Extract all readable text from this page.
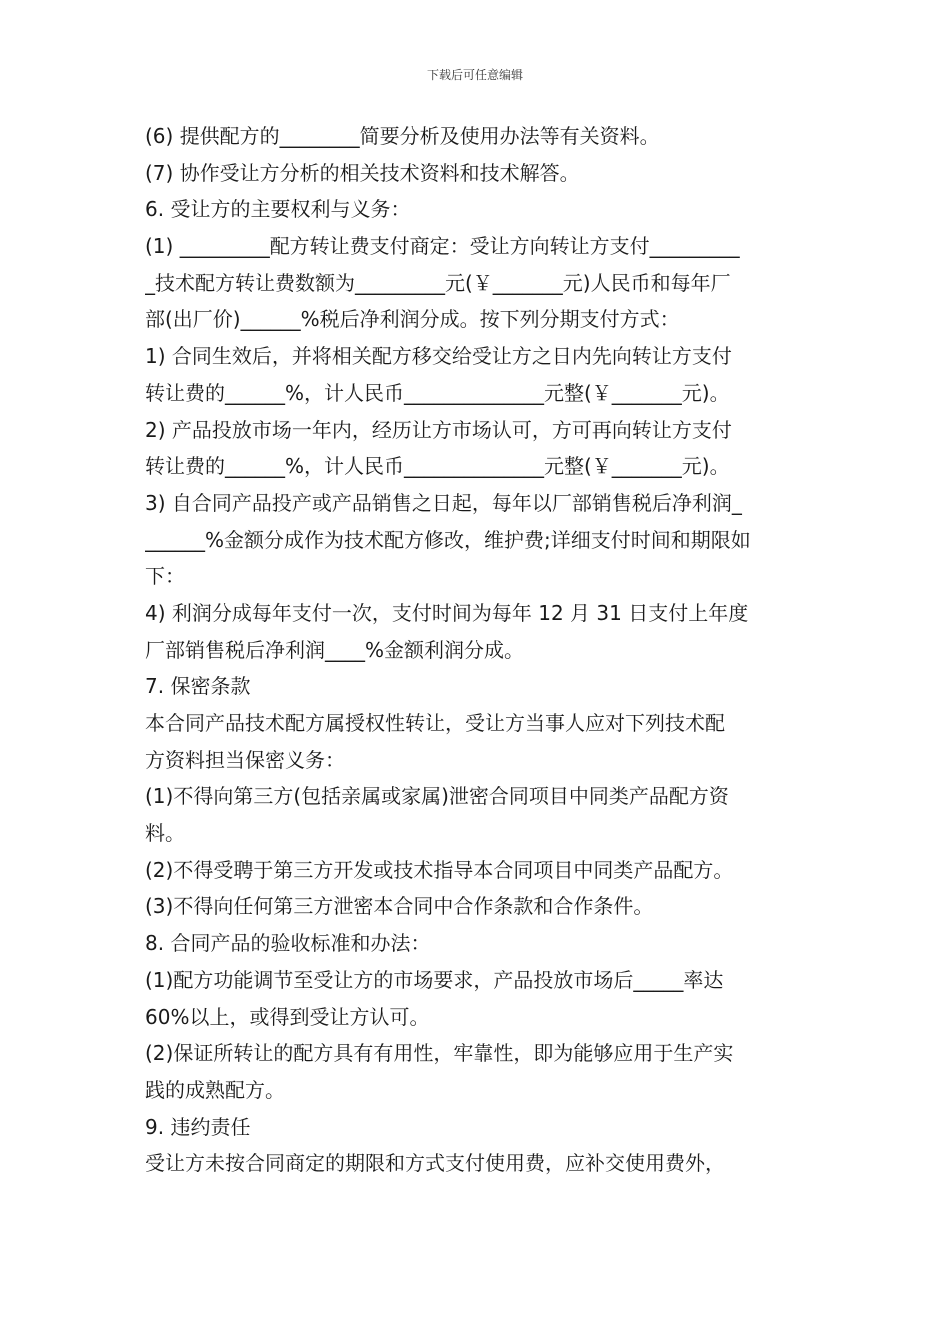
下载后可任意编辑
(6) 提供配方的________简要分析及使用办法等有关资料。
(7) 协作受让方分析的相关技术资料和技术解答。
6. 受让方的主要权利与义务：
(1) _________配方转让费支付商定：受让方向转让方支付_________
_技术配方转让费数额为_________元(￥_______元)人民币和每年厂
部(出厂价)______%税后净利润分成。按下列分期支付方式：
1) 合同生效后，并将相关配方移交给受让方之日内先向转让方支付
转让费的______%，计人民币______________元整(￥_______元)。
2) 产品投放市场一年内，经历让方市场认可，方可再向转让方支付
转让费的______%，计人民币______________元整(￥_______元)。
3) 自合同产品投产或产品销售之日起，每年以厂部销售税后净利润_
______%金额分成作为技术配方修改，维护费;详细支付时间和期限如
下：
4) 利润分成每年支付一次，支付时间为每年 12 月 31 日支付上年度
厂部销售税后净利润____%金额利润分成。
7. 保密条款
本合同产品技术配方属授权性转让，受让方当事人应对下列技术配
方资料担当保密义务：
(1)不得向第三方(包括亲属或家属)泄密合同项目中同类产品配方资
料。
(2)不得受聘于第三方开发或技术指导本合同项目中同类产品配方。
(3)不得向任何第三方泄密本合同中合作条款和合作条件。
8. 合同产品的验收标准和办法：
(1)配方功能调节至受让方的市场要求，产品投放市场后_____率达
60%以上，或得到受让方认可。
(2)保证所转让的配方具有有用性，牢靠性，即为能够应用于生产实
践的成熟配方。
9. 违约责任
受让方未按合同商定的期限和方式支付使用费，应补交使用费外，
